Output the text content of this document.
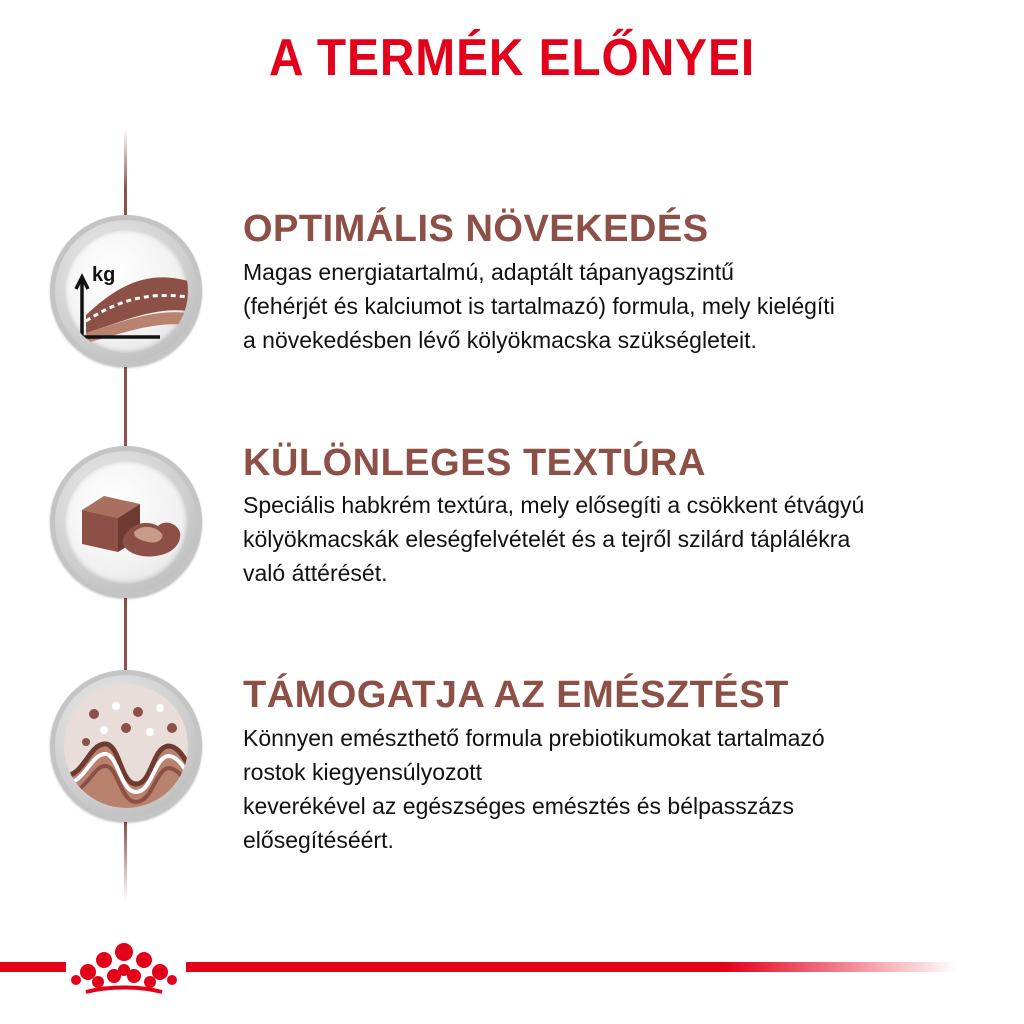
A TERMÉK ELŐNYEI
kg
OPTIMÁLIS NÖVEKEDÉS
Magas energiatartalmú, adaptált tápanyagszintű
(fehérjét és kalciumot is tartalmazó) formula, mely kielégíti
a növekedésben lévő kölyökmacska szükségleteit.
KÜLÖNLEGES TEXTÚRA
Speciális habkrém textúra, mely elősegíti a csökkent étvágyú
kölyökmacskák eleségfelvételét és a tejről szilárd táplálékra
való áttérését.
TÁMOGATJA AZ EMÉSZTÉST
Könnyen emészthető formula prebiotikumokat tartalmazó
rostok kiegyensúlyozott
keverékével az egészséges emésztés és bélpasszázs
elősegítéséért.
